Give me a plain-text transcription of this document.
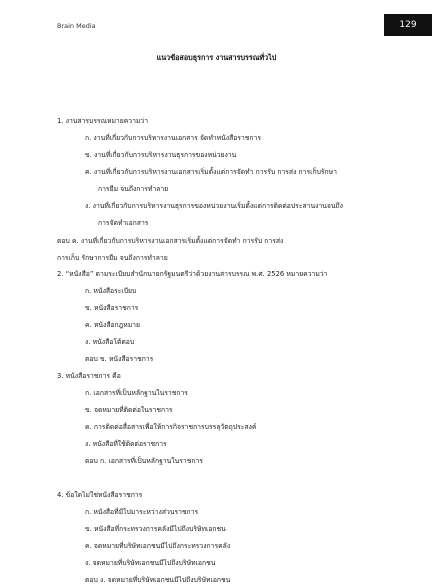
Brain Media	129
แนวข้อสอบธุรการ งานสารบรรณทั่วไป
1. งานสารบรรณหมายความว่า
ก. งานที่เกี่ยวกับการบริหารงานเอกสาร จัดทำหนังสือราชการ
ข. งานที่เกี่ยวกับการบริหารงานธุรการของหน่วยงาน
ค. งานที่เกี่ยวกับการบริหารงานเอกสารเริ่มตั้งแต่การจัดทำ การรับ การส่ง การเก็บรักษา
การยืม จนถึงการทำลาย
ง. งานที่เกี่ยวกับการบริหารงานธุรการของหน่วยงานเริ่มตั้งแต่การติดต่อประสานงานจนถึง
การจัดทำเอกสาร
ตอบ ค. งานที่เกี่ยวกับการบริหารงานเอกสารเริ่มตั้งแต่การจัดทำ การรับ การส่ง
การเก็บ รักษาการยืม จนถึงการทำลาย
2. “หนังสือ” ตามระเบียบสำนักนายกรัฐมนตรีว่าด้วยงานสารบรรณ พ.ศ. 2526 หมายความว่า
ก. หนังสือระเบียบ
ข. หนังสือราชการ
ค. หนังสือกฎหมาย
ง. หนังสือโต้ตอบ
ตอบ ข. หนังสือราชการ
3. หนังสือราชการ คือ
ก. เอกสารที่เป็นหลักฐานในราชการ
ข. จดหมายที่ติดต่อในราชการ
ค. การติดต่อสื่อสารเพื่อให้การกิจราชการบรรลุวัตถุประสงค์
ง. หนังสือที่ใช้ติดต่อราชการ
ตอบ ก. เอกสารที่เป็นหลักฐานในราชการ
4. ข้อใดไม่ใช่หนังสือราชการ
ก. หนังสือที่มีไปมาระหว่างส่วนราชการ
ข. หนังสือที่กระทรวงการคลังมีไปถึงบริษัทเอกชน
ค. จดหมายที่บริษัทเอกชนมีไปถึงกระทรวงการคลัง
ง. จดหมายที่บริษัทเอกชนมีไปถึงบริษัทเอกชน
ตอบ ง. จดหมายที่บริษัทเอกชนมีไปถึงบริษัทเอกชน
